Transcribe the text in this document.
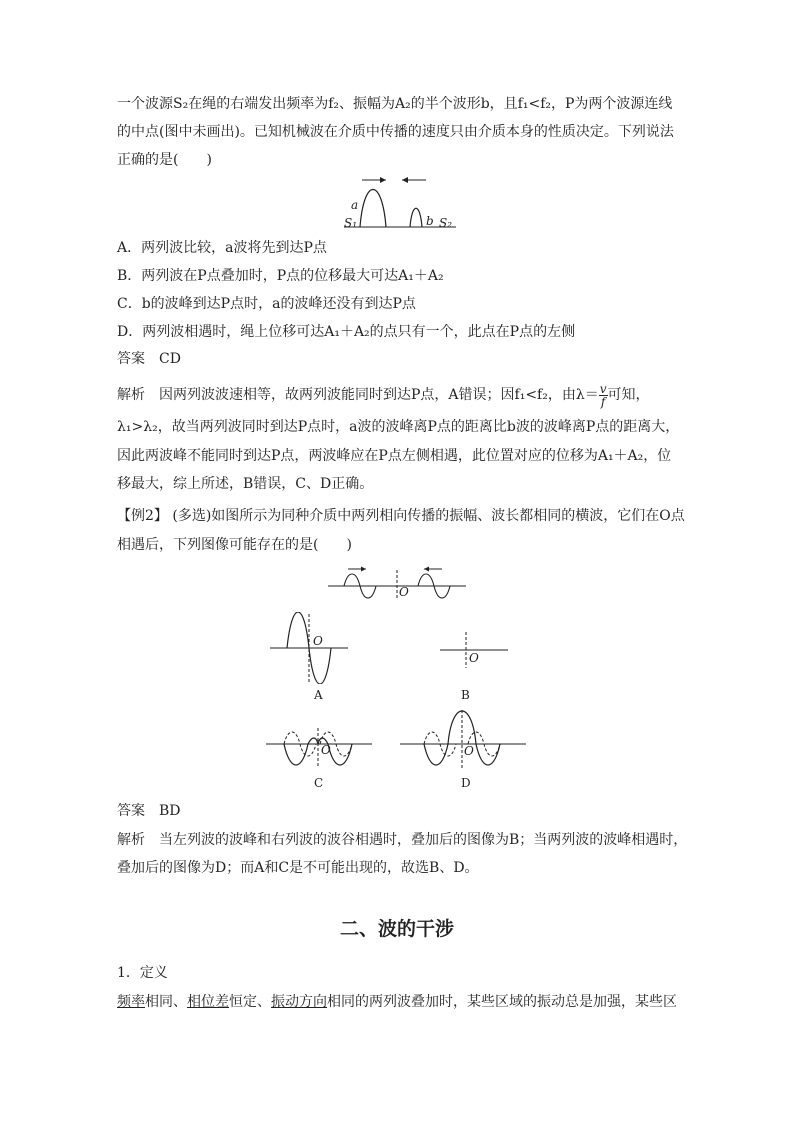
一个波源S₂在绳的右端发出频率为f₂、振幅为A₂的半个波形b，且f₁<f₂，P为两个波源连线
的中点(图中未画出)。已知机械波在介质中传播的速度只由介质本身的性质决定。下列说法
正确的是(　　)
a
S₁	b S₂
A．两列波比较，a波将先到达P点
B．两列波在P点叠加时，P点的位移最大可达A₁＋A₂
C．b的波峰到达P点时，a的波峰还没有到达P点
D．两列波相遇时，绳上位移可达A₁＋A₂的点只有一个，此点在P点的左侧
答案　CD
解析　因两列波波速相等，故两列波能同时到达P点，A错误；因f₁<f₂，由$\lambda= \frac{v}{f}$ 可知，
λ₁>λ₂，故当两列波同时到达P点时，a波的波峰离P点的距离比b波的波峰离P点的距离大，
因此两波峰不能同时到达P点，两波峰应在P点左侧相遇，此位置对应的位移为A₁＋A₂，位
移最大，综上所述，B错误，C、D正确。
【例2】 (多选)如图所示为同种介质中两列相向传播的振幅、波长都相同的横波，它们在O点
相遇后，下列图像可能存在的是(　　)
O
O
A
O
B
O
C
O
D
答案　BD
解析　当左列波的波峰和右列波的波谷相遇时，叠加后的图像为B；当两列波的波峰相遇时，
叠加后的图像为D；而A和C是不可能出现的，故选B、D。
二、波的干涉
1．定义
频率相同、相位差恒定、振动方向相同的两列波叠加时，某些区域的振动总是加强，某些区
